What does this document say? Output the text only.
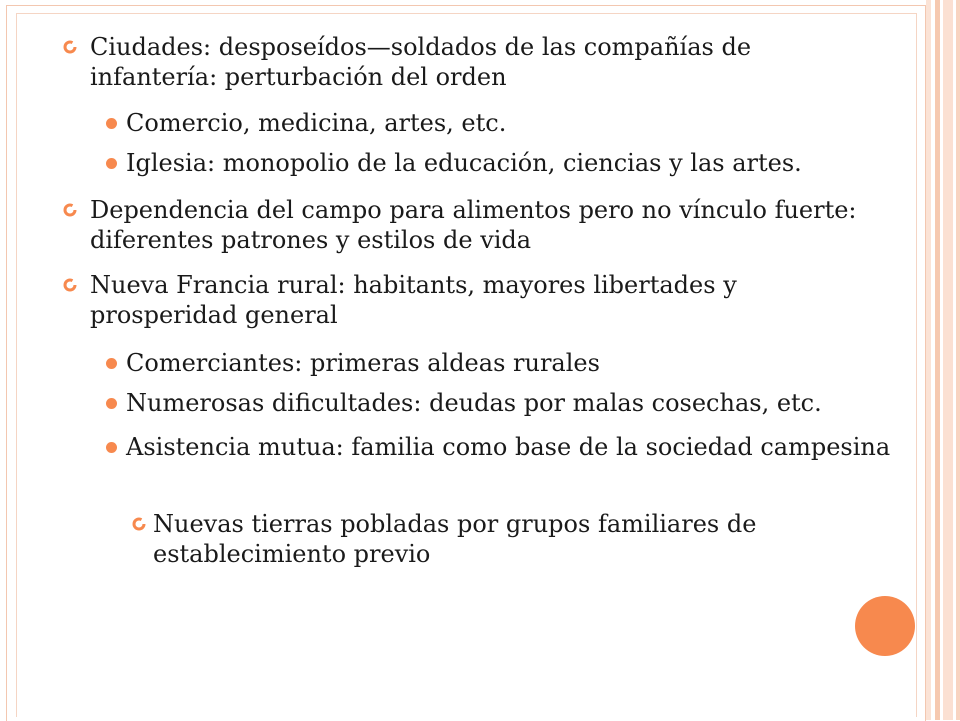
Ciudades: desposeídos—soldados de las compañías de infantería: perturbación del orden
Comercio, medicina, artes, etc.
Iglesia: monopolio de la educación, ciencias y las artes.
Dependencia del campo para alimentos pero no vínculo fuerte: diferentes patrones y estilos de vida
Nueva Francia rural: habitants, mayores libertades y prosperidad general
Comerciantes: primeras aldeas rurales
Numerosas dificultades: deudas por malas cosechas, etc.
Asistencia mutua: familia como base de la sociedad campesina
Nuevas tierras pobladas por grupos familiares de establecimiento previo
